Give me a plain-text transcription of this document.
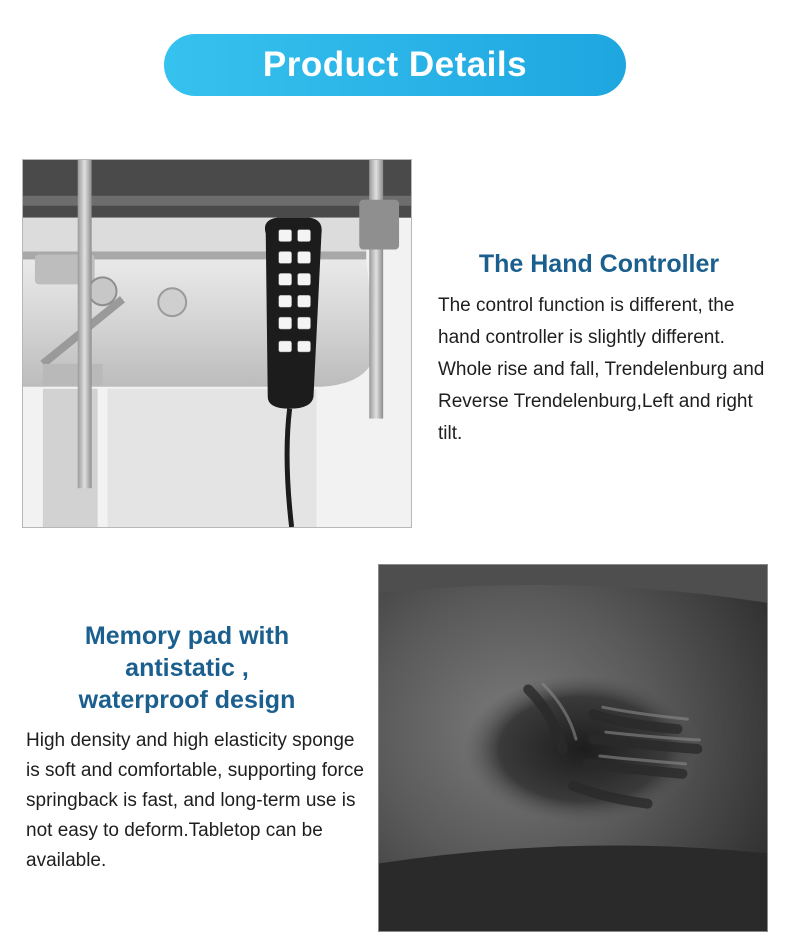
Product Details
The Hand Controller
The control function is different, the hand controller is slightly different. Whole rise and fall, Trendelenburg and Reverse Trendelenburg,Left and right tilt.
Memory pad with
antistatic ,
waterproof design
High density and high elasticity sponge is soft and comfortable, supporting force springback is fast, and long-term use is not easy to deform.Tabletop can be available.
